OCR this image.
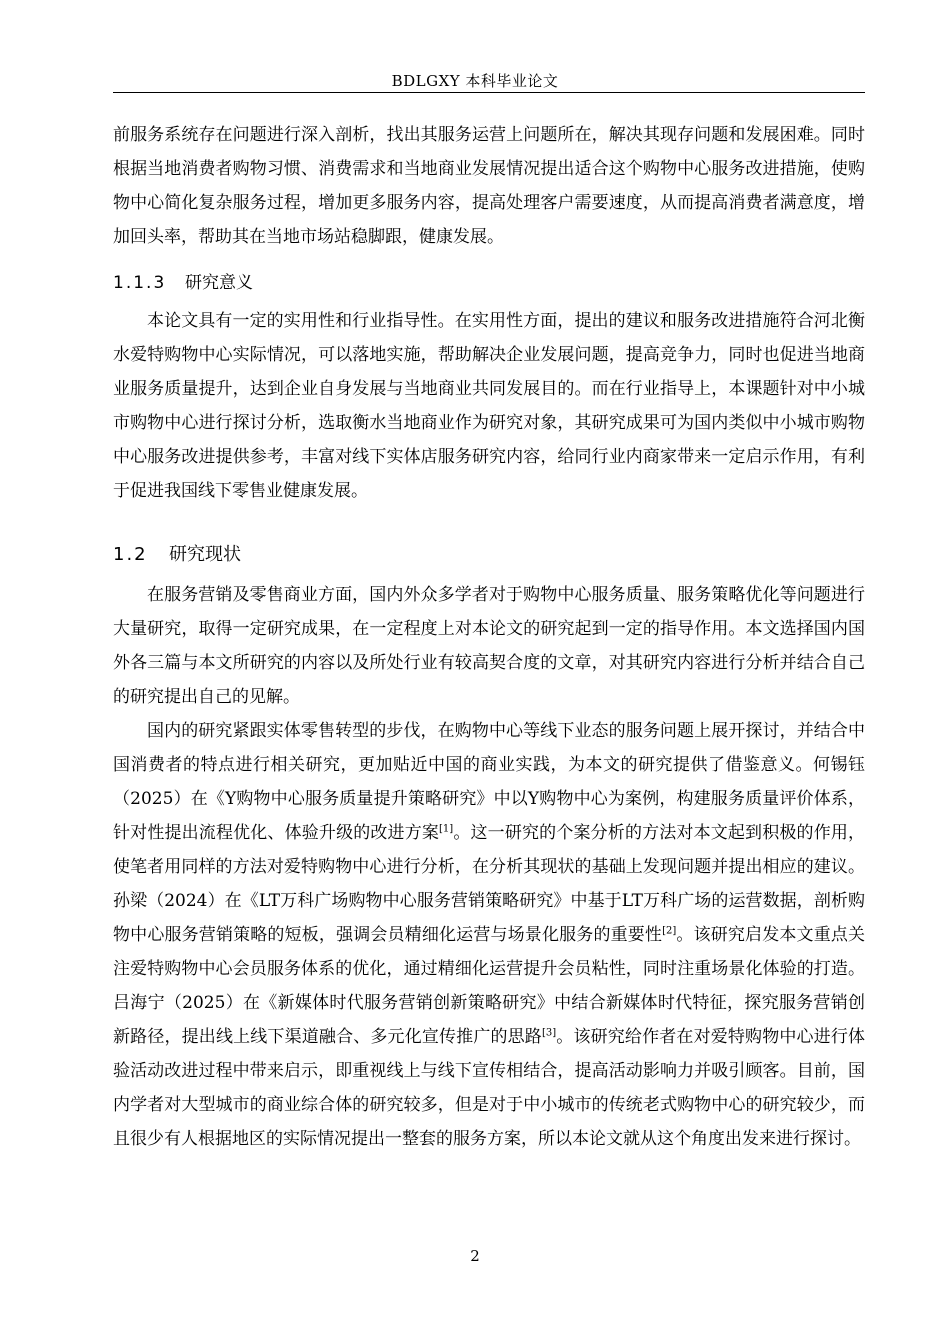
BDLGXY 本科毕业论文

前服务系统存在问题进行深入剖析，找出其服务运营上问题所在，解决其现存问题和发展困难。同时根据当地消费者购物习惯、消费需求和当地商业发展情况提出适合这个购物中心服务改进措施，使购物中心简化复杂服务过程，增加更多服务内容，提高处理客户需要速度，从而提高消费者满意度，增加回头率，帮助其在当地市场站稳脚跟，健康发展。

1.1.3 研究意义

本论文具有一定的实用性和行业指导性。在实用性方面，提出的建议和服务改进措施符合河北衡水爱特购物中心实际情况，可以落地实施，帮助解决企业发展问题，提高竞争力，同时也促进当地商业服务质量提升，达到企业自身发展与当地商业共同发展目的。而在行业指导上，本课题针对中小城市购物中心进行探讨分析，选取衡水当地商业作为研究对象，其研究成果可为国内类似中小城市购物中心服务改进提供参考，丰富对线下实体店服务研究内容，给同行业内商家带来一定启示作用，有利于促进我国线下零售业健康发展。

1.2 研究现状

在服务营销及零售商业方面，国内外众多学者对于购物中心服务质量、服务策略优化等问题进行大量研究，取得一定研究成果，在一定程度上对本论文的研究起到一定的指导作用。本文选择国内国外各三篇与本文所研究的内容以及所处行业有较高契合度的文章，对其研究内容进行分析并结合自己的研究提出自己的见解。

国内的研究紧跟实体零售转型的步伐，在购物中心等线下业态的服务问题上展开探讨，并结合中国消费者的特点进行相关研究，更加贴近中国的商业实践，为本文的研究提供了借鉴意义。何锡钰（2025）在《Y购物中心服务质量提升策略研究》中以Y购物中心为案例，构建服务质量评价体系，针对性提出流程优化、体验升级的改进方案[1]。这一研究的个案分析的方法对本文起到积极的作用，使笔者用同样的方法对爱特购物中心进行分析，在分析其现状的基础上发现问题并提出相应的建议。孙梁（2024）在《LT万科广场购物中心服务营销策略研究》中基于LT万科广场的运营数据，剖析购物中心服务营销策略的短板，强调会员精细化运营与场景化服务的重要性[2]。该研究启发本文重点关注爱特购物中心会员服务体系的优化，通过精细化运营提升会员粘性，同时注重场景化体验的打造。吕海宁（2025）在《新媒体时代服务营销创新策略研究》中结合新媒体时代特征，探究服务营销创新路径，提出线上线下渠道融合、多元化宣传推广的思路[3]。该研究给作者在对爱特购物中心进行体验活动改进过程中带来启示，即重视线上与线下宣传相结合，提高活动影响力并吸引顾客。目前，国内学者对大型城市的商业综合体的研究较多，但是对于中小城市的传统老式购物中心的研究较少，而且很少有人根据地区的实际情况提出一整套的服务方案，所以本论文就从这个角度出发来进行探讨。

2
